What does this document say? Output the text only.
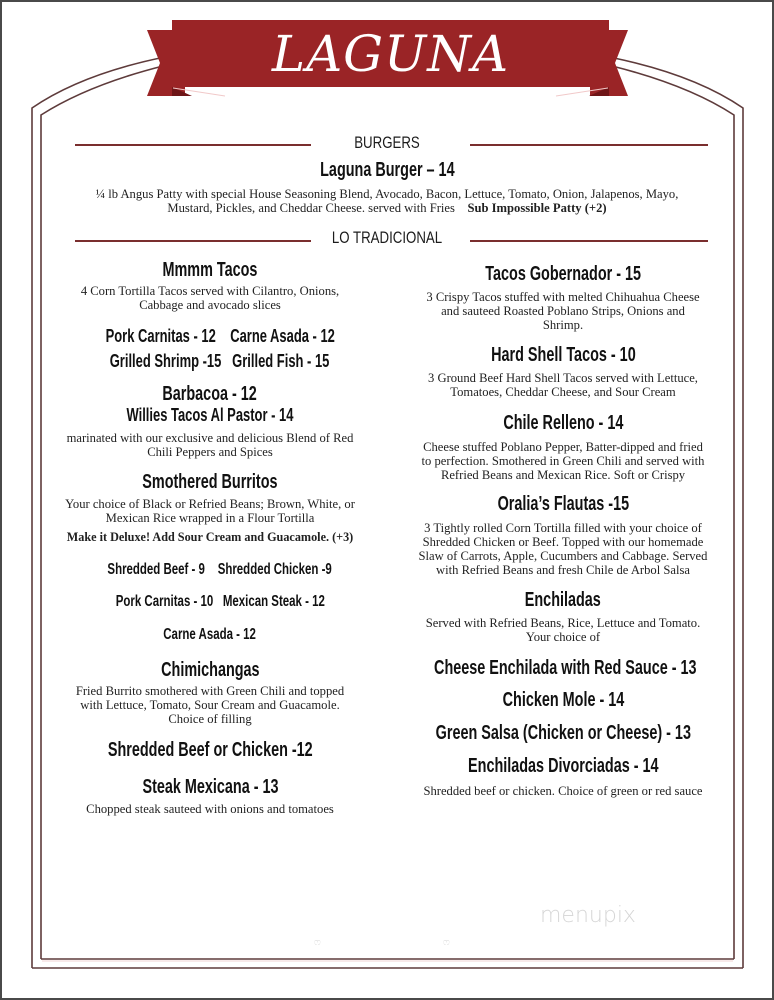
LAGUNA
BURGERS
Laguna Burger – 14
¼ lb Angus Patty with special House Seasoning Blend, Avocado, Bacon, Lettuce, Tomato, Onion, Jalapenos, Mayo,
Mustard, Pickles, and Cheddar Cheese. served with Fries Sub Impossible Patty (+2)
LO TRADICIONAL
Mmmm Tacos
4 Corn Tortilla Tacos served with Cilantro, Onions,
Cabbage and avocado slices
Pork Carnitas - 12 Carne Asada - 12
Grilled Shrimp -15 Grilled Fish - 15
Barbacoa - 12
Willies Tacos Al Pastor - 14
marinated with our exclusive and delicious Blend of Red
Chili Peppers and Spices
Smothered Burritos
Your choice of Black or Refried Beans; Brown, White, or
Mexican Rice wrapped in a Flour Tortilla
Make it Deluxe! Add Sour Cream and Guacamole. (+3)
Shredded Beef - 9 Shredded Chicken -9
Pork Carnitas - 10 Mexican Steak - 12
Carne Asada - 12
Chimichangas
Fried Burrito smothered with Green Chili and topped
with Lettuce, Tomato, Sour Cream and Guacamole.
Choice of filling
Shredded Beef or Chicken -12
Steak Mexicana - 13
Chopped steak sauteed with onions and tomatoes
Tacos Gobernador - 15
3 Crispy Tacos stuffed with melted Chihuahua Cheese
and sauteed Roasted Poblano Strips, Onions and
Shrimp.
Hard Shell Tacos - 10
3 Ground Beef Hard Shell Tacos served with Lettuce,
Tomatoes, Cheddar Cheese, and Sour Cream
Chile Relleno - 14
Cheese stuffed Poblano Pepper, Batter-dipped and fried
to perfection. Smothered in Green Chili and served with
Refried Beans and Mexican Rice. Soft or Crispy
Oralia’s Flautas -15
3 Tightly rolled Corn Tortilla filled with your choice of
Shredded Chicken or Beef. Topped with our homemade
Slaw of Carrots, Apple, Cucumbers and Cabbage. Served
with Refried Beans and fresh Chile de Arbol Salsa
Enchiladas
Served with Refried Beans, Rice, Lettuce and Tomato.
Your choice of
Cheese Enchilada with Red Sauce - 13
Chicken Mole - 14
Green Salsa (Chicken or Cheese) - 13
Enchiladas Divorciadas - 14
Shredded beef or chicken. Choice of green or red sauce
menupix
ෆ	ෆ
